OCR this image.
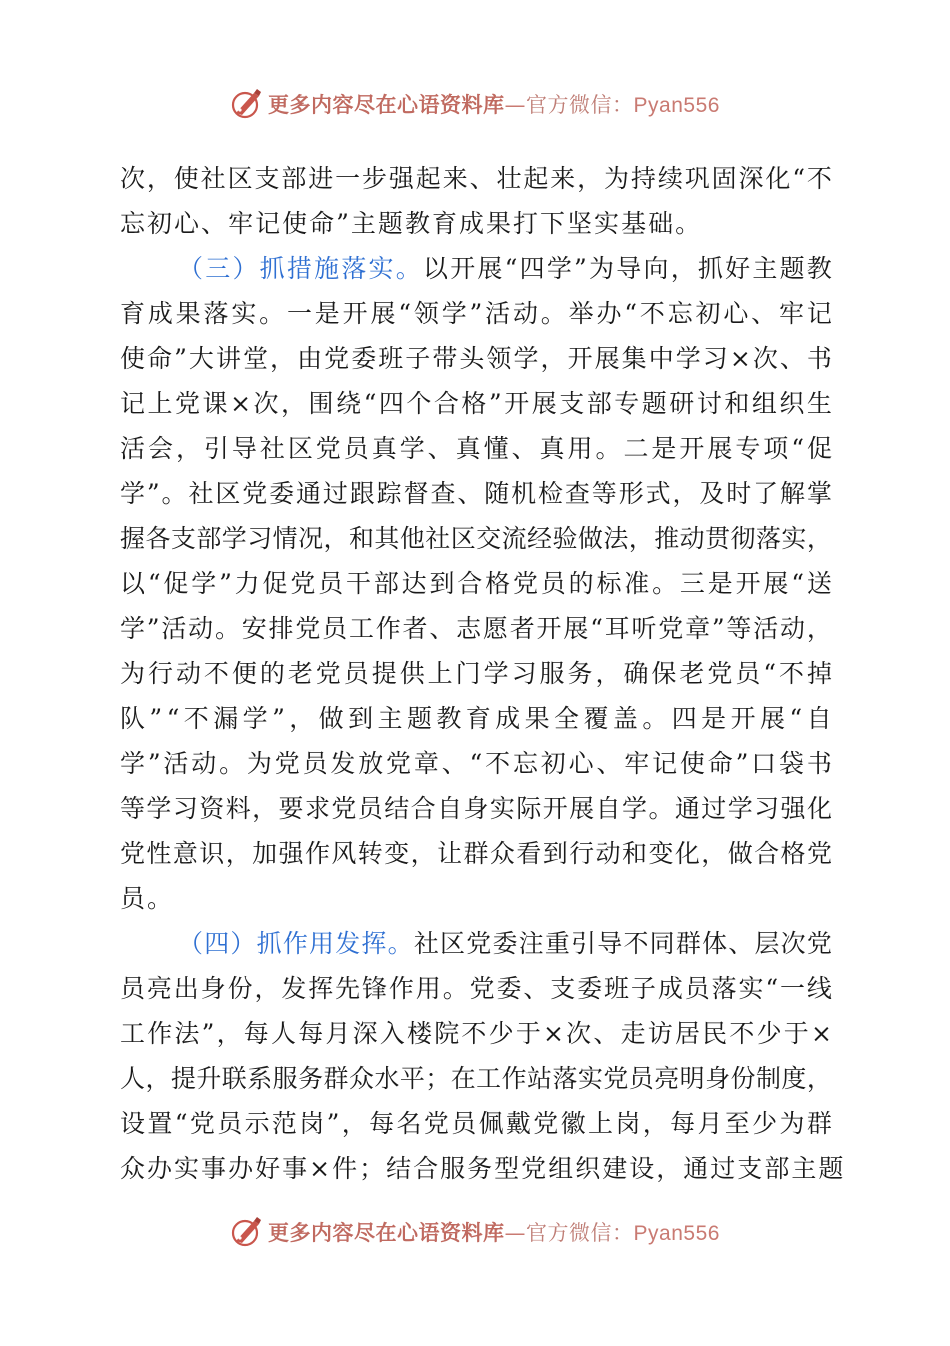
更多内容尽在心语资料库—官方微信：Pyan556
次 ， 使 社 区 支 部 进 一 步 强 起 来 、 壮 起 来 ， 为 持 续 巩 固 深 化 “ 不
忘 初 心 、 牢 记 使 命 ” 主 题 教 育 成 果 打 下 坚 实 基 础 。
（ 三 ） 抓 措 施 落 实 。 以 开 展 “ 四 学 ” 为 导 向 ， 抓 好 主 题 教
育 成 果 落 实 。 一 是 开 展 “ 领 学 ” 活 动 。 举 办 “ 不 忘 初 心 、 牢 记
使 命 ” 大 讲 堂 ， 由 党 委 班 子 带 头 领 学 ， 开 展 集 中 学 习 × 次 、 书
记 上 党 课 × 次 ， 围 绕 “ 四 个 合 格 ” 开 展 支 部 专 题 研 讨 和 组 织 生
活 会 ， 引 导 社 区 党 员 真 学 、 真 懂 、 真 用 。 二 是 开 展 专 项 “ 促
学 ” 。 社 区 党 委 通 过 跟 踪 督 查 、 随 机 检 查 等 形 式 ， 及 时 了 解 掌
握 各 支 部 学 习 情 况 ， 和 其 他 社 区 交 流 经 验 做 法 ， 推 动 贯 彻 落 实 ，
以 “ 促 学 ” 力 促 党 员 干 部 达 到 合 格 党 员 的 标 准 。 三 是 开 展 “ 送
学 ” 活 动 。 安 排 党 员 工 作 者 、 志 愿 者 开 展 “ 耳 听 党 章 ” 等 活 动 ，
为 行 动 不 便 的 老 党 员 提 供 上 门 学 习 服 务 ， 确 保 老 党 员 “ 不 掉
队 ” “ 不 漏 学 ” ， 做 到 主 题 教 育 成 果 全 覆 盖 。 四 是 开 展 “ 自
学 ” 活 动 。 为 党 员 发 放 党 章 、 “ 不 忘 初 心 、 牢 记 使 命 ” 口 袋 书
等 学 习 资 料 ， 要 求 党 员 结 合 自 身 实 际 开 展 自 学 。 通 过 学 习 强 化
党 性 意 识 ， 加 强 作 风 转 变 ， 让 群 众 看 到 行 动 和 变 化 ， 做 合 格 党
员 。
（ 四 ） 抓 作 用 发 挥 。 社 区 党 委 注 重 引 导 不 同 群 体 、 层 次 党
员 亮 出 身 份 ， 发 挥 先 锋 作 用 。 党 委 、 支 委 班 子 成 员 落 实 “ 一 线
工 作 法 ” ， 每 人 每 月 深 入 楼 院 不 少 于 × 次 、 走 访 居 民 不 少 于 ×
人 ， 提 升 联 系 服 务 群 众 水 平 ； 在 工 作 站 落 实 党 员 亮 明 身 份 制 度 ，
设 置 “ 党 员 示 范 岗 ” ， 每 名 党 员 佩 戴 党 徽 上 岗 ， 每 月 至 少 为 群
众 办 实 事 办 好 事 × 件 ； 结 合 服 务 型 党 组 织 建 设 ， 通 过 支 部 主 题
更多内容尽在心语资料库—官方微信：Pyan556
